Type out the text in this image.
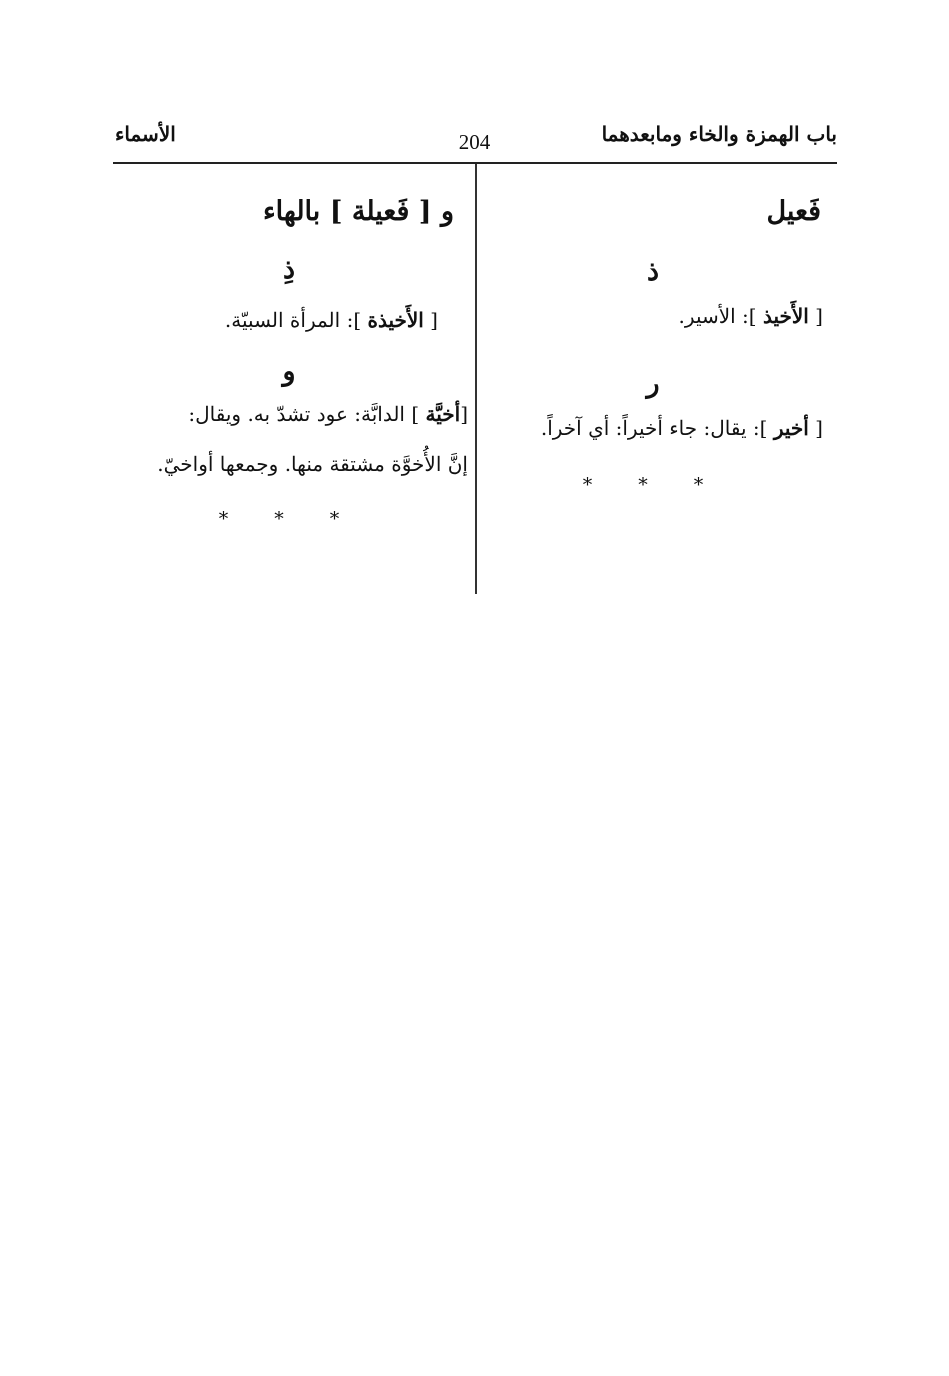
باب الهمزة والخاء ومابعدهما
204
الأسماء
فَعيل
ذ

[ الأَخيذ ]: الأسير.

ر

[ أخير ]: يقال: جاء أخيراً: أي آخراً.

* * *
و [ فَعيلة ] بالهاء
ذِ

[ الأَخيذة ]: المرأة السبيّة.

و

[أخيَّة ] الدابَّة: عود تشدّ به. ويقال:

إنَّ الأُخوَّة مشتقة منها. وجمعها أواخيّ.

* * *
